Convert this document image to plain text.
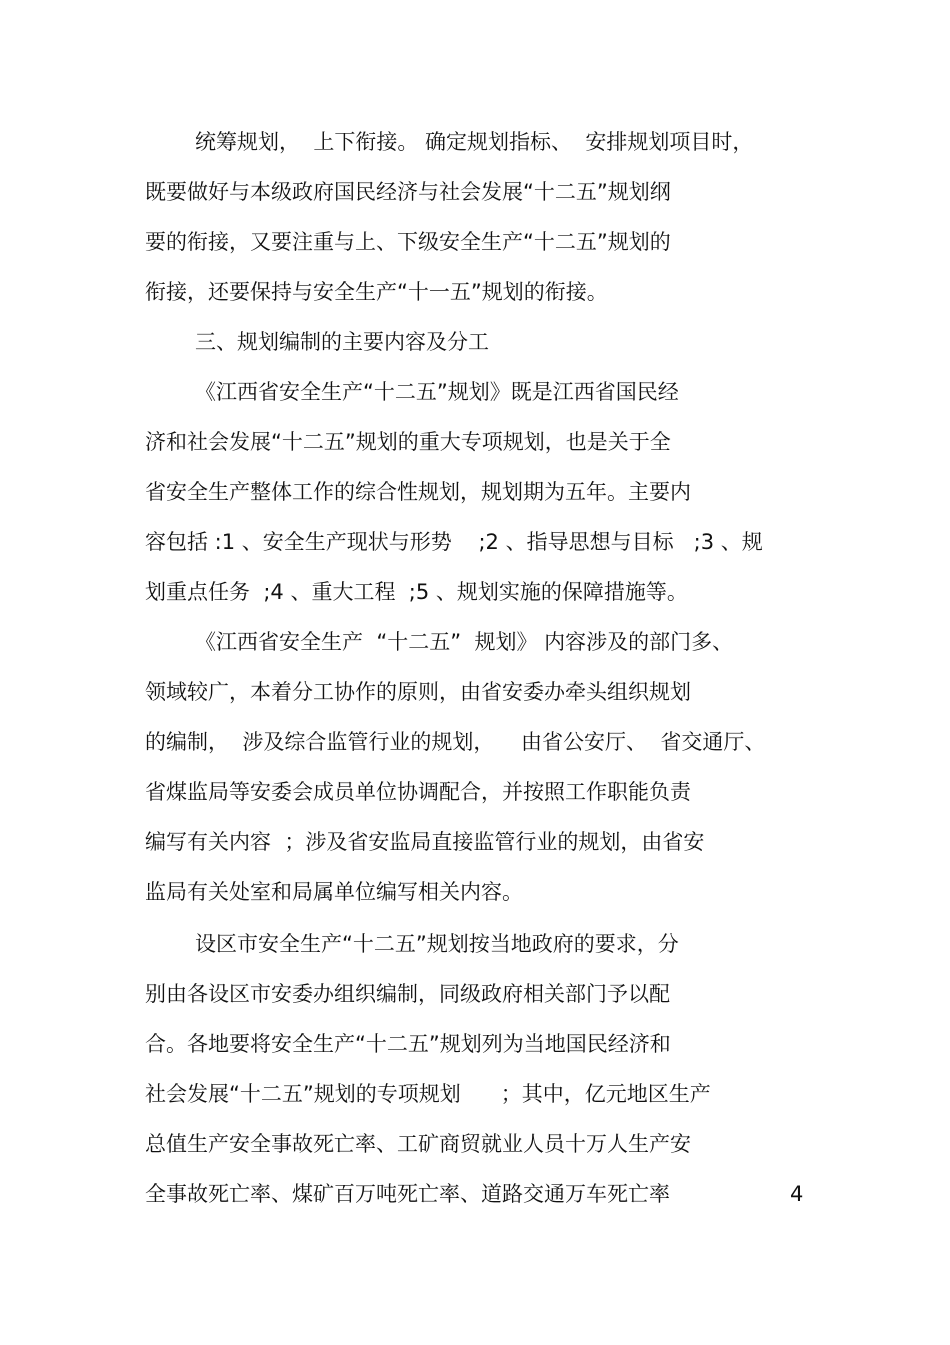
统筹规划，  上下衔接。 确定规划指标、  安排规划项目时，
既要做好与本级政府国民经济与社会发展“十二五”规划纲
要的衔接，又要注重与上、下级安全生产“十二五”规划的
衔接，还要保持与安全生产“十一五”规划的衔接。
三、规划编制的主要内容及分工
《江西省安全生产“十二五”规划》既是江西省国民经
济和社会发展“十二五”规划的重大专项规划，也是关于全
省安全生产整体工作的综合性规划，规划期为五年。主要内
容包括 :1 、安全生产现状与形势    ;2 、指导思想与目标   ;3 、规
划重点任务  ;4 、重大工程  ;5 、规划实施的保障措施等。
《江西省安全生产  “十二五”  规划》 内容涉及的部门多、
领域较广，本着分工协作的原则，由省安委办牵头组织规划
的编制，  涉及综合监管行业的规划，    由省公安厅、  省交通厅、
省煤监局等安委会成员单位协调配合，并按照工作职能负责
编写有关内容  ；涉及省安监局直接监管行业的规划，由省安
监局有关处室和局属单位编写相关内容。
设区市安全生产“十二五”规划按当地政府的要求，分
别由各设区市安委办组织编制，同级政府相关部门予以配
合。各地要将安全生产“十二五”规划列为当地国民经济和
社会发展“十二五”规划的专项规划      ；其中，亿元地区生产
总值生产安全事故死亡率、工矿商贸就业人员十万人生产安
全事故死亡率、煤矿百万吨死亡率、道路交通万车死亡率	4
